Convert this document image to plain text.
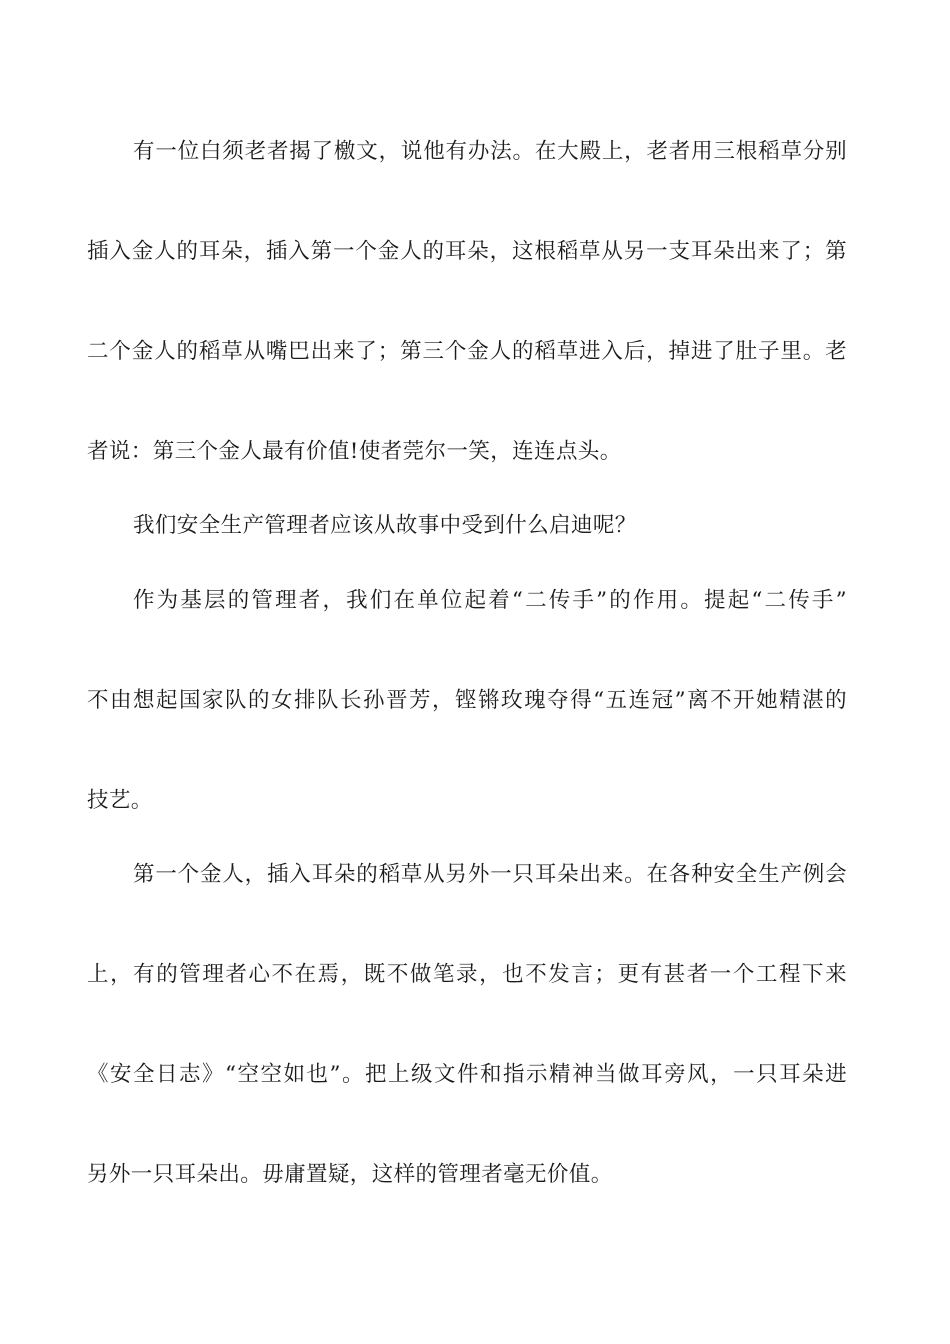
有一位白须老者揭了檄文，说他有办法。在大殿上，老者用三根稻草分别
插入金人的耳朵，插入第一个金人的耳朵，这根稻草从另一支耳朵出来了；第
二个金人的稻草从嘴巴出来了；第三个金人的稻草进入后，掉进了肚子里。老
者说：第三个金人最有价值!使者莞尔一笑，连连点头。
我们安全生产管理者应该从故事中受到什么启迪呢？
作为基层的管理者，我们在单位起着“二传手”的作用。提起“二传手”
不由想起国家队的女排队长孙晋芳，铿锵玫瑰夺得“五连冠”离不开她精湛的
技艺。
第一个金人，插入耳朵的稻草从另外一只耳朵出来。在各种安全生产例会
上，有的管理者心不在焉，既不做笔录，也不发言；更有甚者一个工程下来
《安全日志》“空空如也”。把上级文件和指示精神当做耳旁风，一只耳朵进
另外一只耳朵出。毋庸置疑，这样的管理者毫无价值。
